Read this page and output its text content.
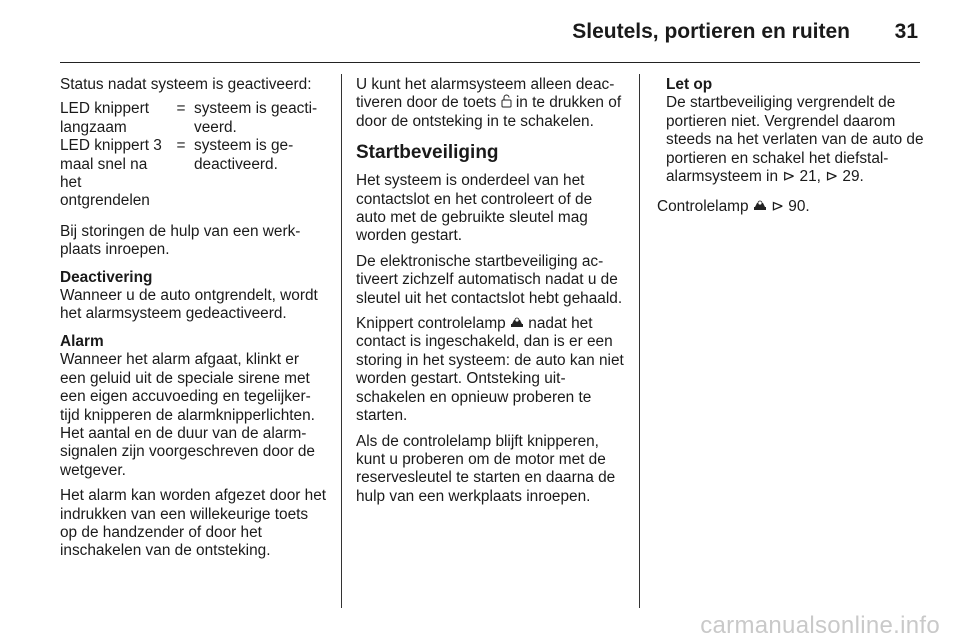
Sleutels, portieren en ruiten 31

Status nadat systeem is geactiveerd:

LED knippert langzaam	=	systeem is geacti-veerd.
LED knippert 3 maal snel na het ontgrendelen	=	systeem is ge-deactiveerd.

Bij storingen de hulp van een werk-plaats inroepen.

Deactivering

Wanneer u de auto ontgrendelt, wordt het alarmsysteem gedeactiveerd.

Alarm

Wanneer het alarm afgaat, klinkt er een geluid uit de speciale sirene met een eigen accuvoeding en tegelijker-tijd knipperen de alarmknipperlichten. Het aantal en de duur van de alarm-signalen zijn voorgeschreven door de wetgever.

Het alarm kan worden afgezet door het indrukken van een willekeurige toets op de handzender of door het inschakelen van de ontsteking.

U kunt het alarmsysteem alleen deac-tiveren door de toets in te drukken of door de ontsteking in te schakelen.

Startbeveiliging

Het systeem is onderdeel van het contactslot en het controleert of de auto met de gebruikte sleutel mag worden gestart.

De elektronische startbeveiliging ac-tiveert zichzelf automatisch nadat u de sleutel uit het contactslot hebt gehaald.

Knippert controlelamp nadat het contact is ingeschakeld, dan is er een storing in het systeem: de auto kan niet worden gestart. Ontsteking uit-schakelen en opnieuw proberen te starten.

Als de controlelamp blijft knipperen, kunt u proberen om de motor met de reservesleutel te starten en daarna de hulp van een werkplaats inroepen.

Let op

De startbeveiliging vergrendelt de portieren niet. Vergrendel daarom steeds na het verlaten van de auto de portieren en schakel het diefstal-alarmsysteem in ⊳ 21, ⊳ 29.

Controlelamp ⊳ 90.

carmanualsonline.info
